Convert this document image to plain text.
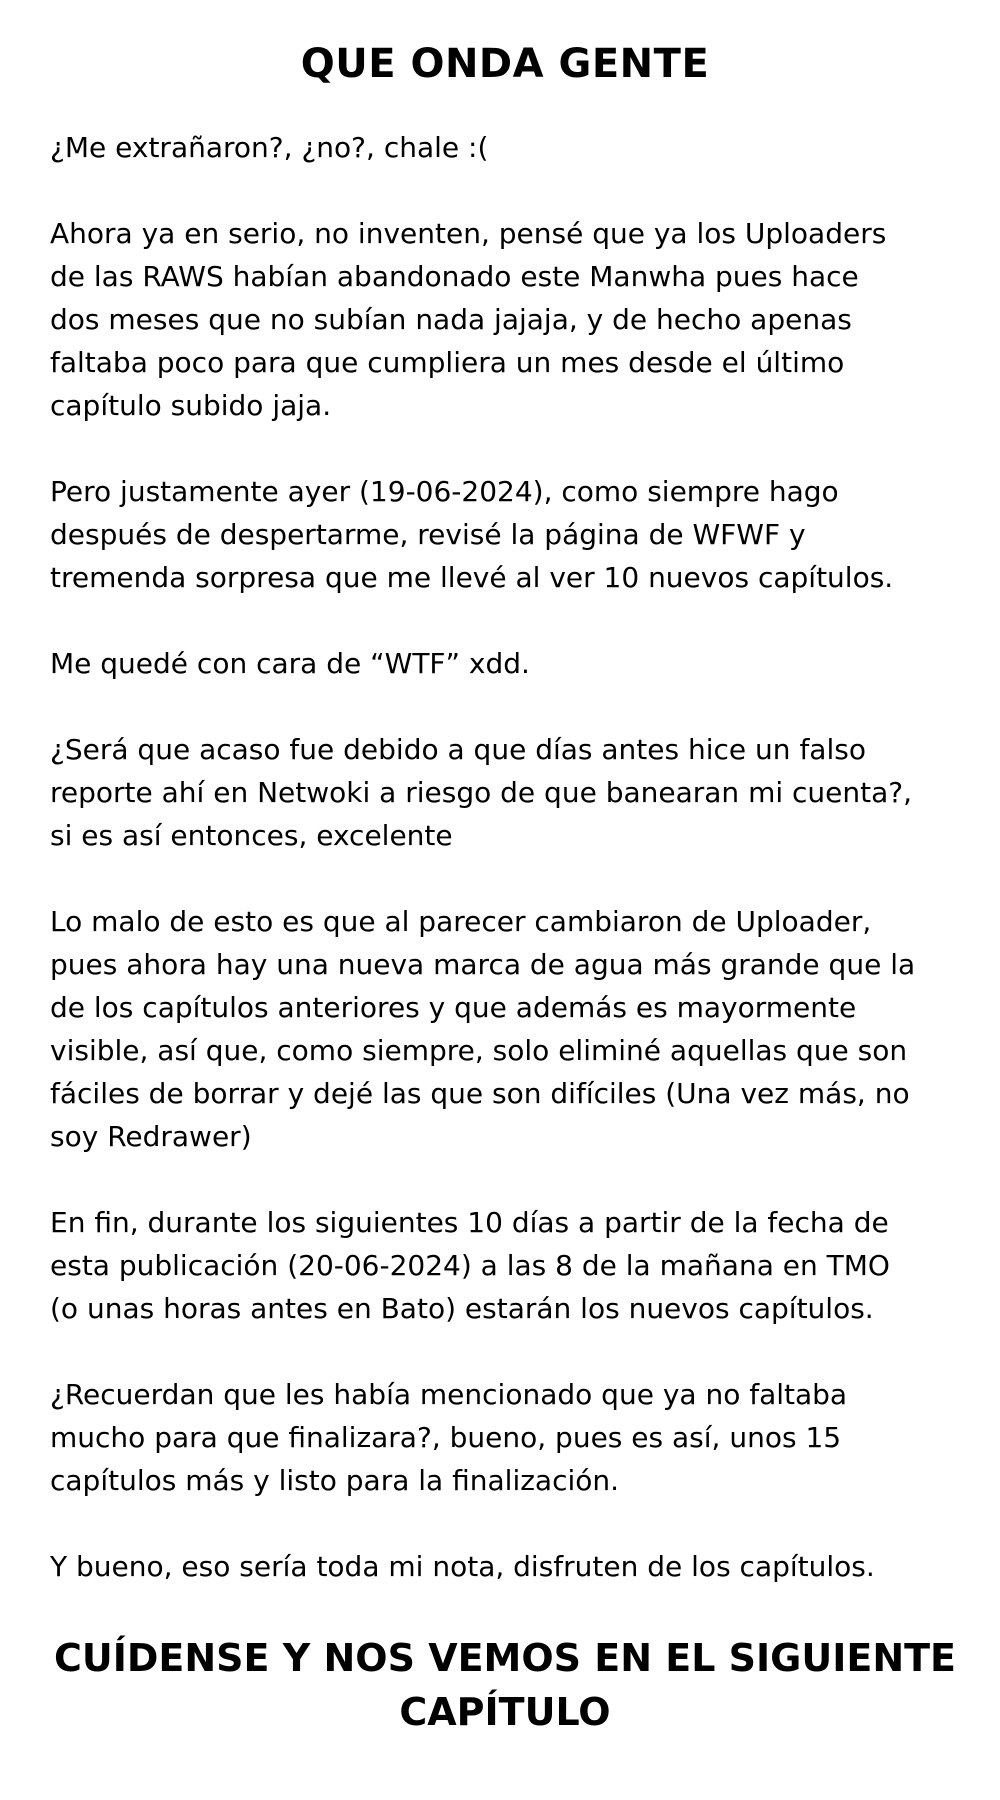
QUE ONDA GENTE

¿Me extrañaron?, ¿no?, chale :(

Ahora ya en serio, no inventen, pensé que ya los Uploaders
de las RAWS habían abandonado este Manwha pues hace
dos meses que no subían nada jajaja, y de hecho apenas
faltaba poco para que cumpliera un mes desde el último
capítulo subido jaja.

Pero justamente ayer (19-06-2024), como siempre hago
después de despertarme, revisé la página de WFWF y
tremenda sorpresa que me llevé al ver 10 nuevos capítulos.

Me quedé con cara de “WTF” xdd.

¿Será que acaso fue debido a que días antes hice un falso
reporte ahí en Netwoki a riesgo de que banearan mi cuenta?,
si es así entonces, excelente

Lo malo de esto es que al parecer cambiaron de Uploader,
pues ahora hay una nueva marca de agua más grande que la
de los capítulos anteriores y que además es mayormente
visible, así que, como siempre, solo eliminé aquellas que son
fáciles de borrar y dejé las que son difíciles (Una vez más, no
soy Redrawer)

En fin, durante los siguientes 10 días a partir de la fecha de
esta publicación (20-06-2024) a las 8 de la mañana en TMO
(o unas horas antes en Bato) estarán los nuevos capítulos.

¿Recuerdan que les había mencionado que ya no faltaba
mucho para que finalizara?, bueno, pues es así, unos 15
capítulos más y listo para la finalización.

Y bueno, eso sería toda mi nota, disfruten de los capítulos.

CUÍDENSE Y NOS VEMOS EN EL SIGUIENTE
CAPÍTULO
